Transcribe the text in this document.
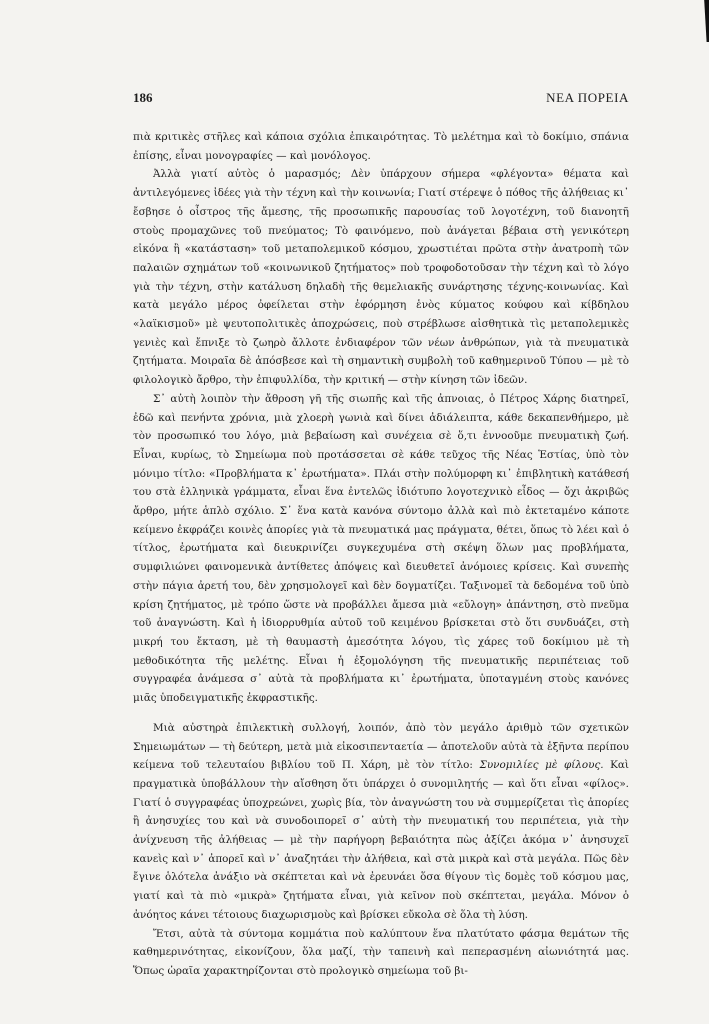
186	ΝΕΑ ΠΟΡΕΙΑ

πιὰ κριτικὲς στῆλες καὶ κάποια σχόλια ἐπικαιρότητας. Τὸ μελέτημα καὶ τὸ δοκίμιο, σπάνια ἐπίσης, εἶναι μονογραφίες — καὶ μονόλογος.

Ἀλλὰ γιατί αὐτὸς ὁ μαρασμός; Δὲν ὑπάρχουν σήμερα «φλέγοντα» θέματα καὶ ἀντιλεγόμενες ἰδέες γιὰ τὴν τέχνη καὶ τὴν κοινωνία; Γιατί στέρεψε ὁ πόθος τῆς ἀλήθειας κι᾿ ἔσβησε ὁ οἶστρος τῆς ἄμεσης, τῆς προσωπικῆς παρουσίας τοῦ λογοτέχνη, τοῦ διανοητῆ στοὺς προμαχῶνες τοῦ πνεύματος; Τὸ φαινόμενο, ποὺ ἀνάγεται βέβαια στὴ γενικότερη εἰκόνα ἢ «κατάσταση» τοῦ μεταπολεμικοῦ κόσμου, χρωστιέται πρῶτα στὴν ἀνατροπὴ τῶν παλαιῶν σχημάτων τοῦ «κοινωνικοῦ ζητήματος» ποὺ τροφοδοτοῦσαν τὴν τέχνη καὶ τὸ λόγο γιὰ τὴν τέχνη, στὴν κατάλυση δηλαδὴ τῆς θεμελιακῆς συνάρτησης τέχνης-κοινωνίας. Καὶ κατὰ μεγάλο μέρος ὀφείλεται στὴν ἐφόρμηση ἑνὸς κύματος κούφου καὶ κίβδηλου «λαϊκισμοῦ» μὲ ψευτοπολιτικὲς ἀποχρώσεις, ποὺ στρέβλωσε αἰσθητικὰ τὶς μεταπολεμικὲς γενιὲς καὶ ἔπνιξε τὸ ζωηρὸ ἄλλοτε ἐνδιαφέρον τῶν νέων ἀνθρώπων, γιὰ τὰ πνευματικὰ ζητήματα. Μοιραῖα δὲ ἀπόσβεσε καὶ τὴ σημαντικὴ συμβολὴ τοῦ καθημερινοῦ Τύπου — μὲ τὸ φιλολογικὸ ἄρθρο, τὴν ἐπιφυλλίδα, τὴν κριτική — στὴν κίνηση τῶν ἰδεῶν.

Σ᾿ αὐτὴ λοιπὸν τὴν ἄθροση γῆ τῆς σιωπῆς καὶ τῆς ἀπνοιας, ὁ Πέτρος Χάρης διατηρεῖ, ἐδῶ καὶ πενήντα χρόνια, μιὰ χλοερὴ γωνιὰ καὶ δίνει ἀδιάλειπτα, κάθε δεκαπενθήμερο, μὲ τὸν προσωπικό του λόγο, μιὰ βεβαίωση καὶ συνέχεια σὲ ὅ,τι ἐννοοῦμε πνευματικὴ ζωή. Εἶναι, κυρίως, τὸ Σημείωμα ποὺ προτάσσεται σὲ κάθε τεῦχος τῆς Νέας Ἑστίας, ὑπὸ τὸν μόνιμο τίτλο: «Προβλήματα κ᾿ ἐρωτήματα». Πλάι στὴν πολύμορφη κι᾿ ἐπιβλητικὴ κατάθεσή του στὰ ἑλληνικὰ γράμματα, εἶναι ἕνα ἐντελῶς ἰδιότυπο λογοτεχνικὸ εἶδος — ὄχι ἀκριβῶς ἄρθρο, μήτε ἁπλὸ σχόλιο. Σ᾿ ἕνα κατὰ κανόνα σύντομο ἀλλὰ καὶ πιὸ ἐκτεταμένο κάποτε κείμενο ἐκφράζει κοινὲς ἀπορίες γιὰ τὰ πνευματικά μας πράγματα, θέτει, ὅπως τὸ λέει καὶ ὁ τίτλος, ἐρωτήματα καὶ διευκρινίζει συγκεχυμένα στὴ σκέψη ὅλων μας προβλήματα, συμφιλιώνει φαινομενικὰ ἀντίθετες ἀπόψεις καὶ διευθετεῖ ἀνόμοιες κρίσεις. Καὶ συνεπὴς στὴν πάγια ἀρετή του, δὲν χρησμολογεῖ καὶ δὲν δογματίζει. Ταξινομεῖ τὰ δεδομένα τοῦ ὑπὸ κρίση ζητήματος, μὲ τρόπο ὥστε νὰ προβάλλει ἄμεσα μιὰ «εὔλογη» ἀπάντηση, στὸ πνεῦμα τοῦ ἀναγνώστη. Καὶ ἡ ἰδιορρυθμία αὐτοῦ τοῦ κειμένου βρίσκεται στὸ ὅτι συνδυάζει, στὴ μικρή του ἔκταση, μὲ τὴ θαυμαστὴ ἀμεσότητα λόγου, τὶς χάρες τοῦ δοκίμιου μὲ τὴ μεθοδικότητα τῆς μελέτης. Εἶναι ἡ ἐξομολόγηση τῆς πνευματικῆς περιπέτειας τοῦ συγγραφέα ἀνάμεσα σ᾿ αὐτὰ τὰ προβλήματα κι᾿ ἐρωτήματα, ὑποταγμένη στοὺς κανόνες μιᾶς ὑποδειγματικῆς ἐκφραστικῆς.

Μιὰ αὐστηρὰ ἐπιλεκτικὴ συλλογή, λοιπόν, ἀπὸ τὸν μεγάλο ἀριθμὸ τῶν σχετικῶν Σημειωμάτων — τὴ δεύτερη, μετὰ μιὰ εἰκοσιπενταετία — ἀποτελοῦν αὐτὰ τὰ ἑξῆντα περίπου κείμενα τοῦ τελευταίου βιβλίου τοῦ Π. Χάρη, μὲ τὸν τίτλο: Συνομιλίες μὲ φίλους. Καὶ πραγματικὰ ὑποβάλλουν τὴν αἴσθηση ὅτι ὑπάρχει ὁ συνομιλητής — καὶ ὅτι εἶναι «φίλος». Γιατί ὁ συγγραφέας ὑποχρεώνει, χωρὶς βία, τὸν ἀναγνώστη του νὰ συμμερίζεται τὶς ἀπορίες ἢ ἀνησυχίες του καὶ νὰ συνοδοιπορεῖ σ᾿ αὐτὴ τὴν πνευματική του περιπέτεια, γιὰ τὴν ἀνίχνευση τῆς ἀλήθειας — μὲ τὴν παρήγορη βεβαιότητα πὼς ἀξίζει ἀκόμα ν᾿ ἀνησυχεῖ κανεὶς καὶ ν᾿ ἀπορεῖ καὶ ν᾿ ἀναζητάει τὴν ἀλήθεια, καὶ στὰ μικρὰ καὶ στὰ μεγάλα. Πῶς δὲν ἔγινε ὁλότελα ἀνάξιο νὰ σκέπτεται καὶ νὰ ἐρευνάει ὅσα θίγουν τὶς δομὲς τοῦ κόσμου μας, γιατί καὶ τὰ πιὸ «μικρὰ» ζητήματα εἶναι, γιὰ κεῖνον ποὺ σκέπτεται, μεγάλα. Μόνον ὁ ἀνόητος κάνει τέτοιους διαχωρισμοὺς καὶ βρίσκει εὔκολα σὲ ὅλα τὴ λύση.

Ἔτσι, αὐτὰ τὰ σύντομα κομμάτια ποὺ καλύπτουν ἕνα πλατύτατο φάσμα θεμάτων τῆς καθημερινότητας, εἰκονίζουν, ὅλα μαζί, τὴν ταπεινὴ καὶ πεπερασμένη αἰωνιότητά μας. Ὅπως ὡραῖα χαρακτηρίζονται στὸ προλογικὸ σημείωμα τοῦ βι-
